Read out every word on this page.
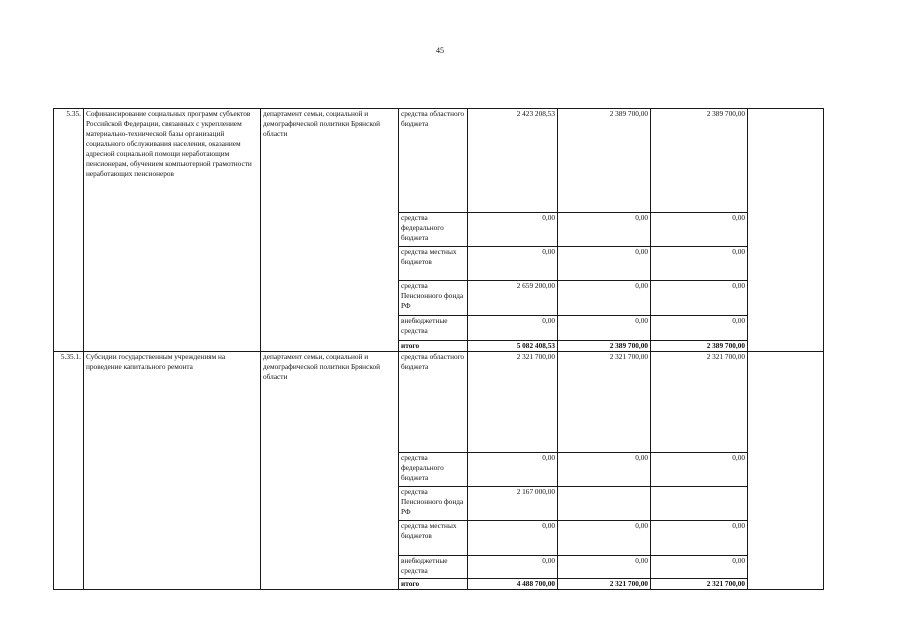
45
5.35.	Софинансирование социальных программ субъектов Российской Федерации, связанных с укреплением материально-технической базы организаций социального обслуживания населения, оказанием адресной социальной помощи неработающим пенсионерам, обучением компьютерной грамотности неработающих пенсионеров	департамент семьи, социальной и демографической политики Брянской области	средства областного бюджета	2 423 208,53	2 389 700,00	2 389 700,00	
			средства федерального бюджета	0,00	0,00	0,00	
			средства местных бюджетов	0,00	0,00	0,00	
			средства Пенсионного фонда РФ	2 659 200,00	0,00	0,00	
			внебюджетные средства	0,00	0,00	0,00	
			итого	5 082 408,53	2 389 700,00	2 389 700,00	
5.35.1.	Субсидии государственным учреждениям на проведение капитального ремонта	департамент семьи, социальной и демографической политики Брянской области	средства областного бюджета	2 321 700,00	2 321 700,00	2 321 700,00	
			средства федерального бюджета	0,00	0,00	0,00	
			средства Пенсионного фонда РФ	2 167 000,00			
			средства местных бюджетов	0,00	0,00	0,00	
			внебюджетные средства	0,00	0,00	0,00	
			итого	4 488 700,00	2 321 700,00	2 321 700,00	
